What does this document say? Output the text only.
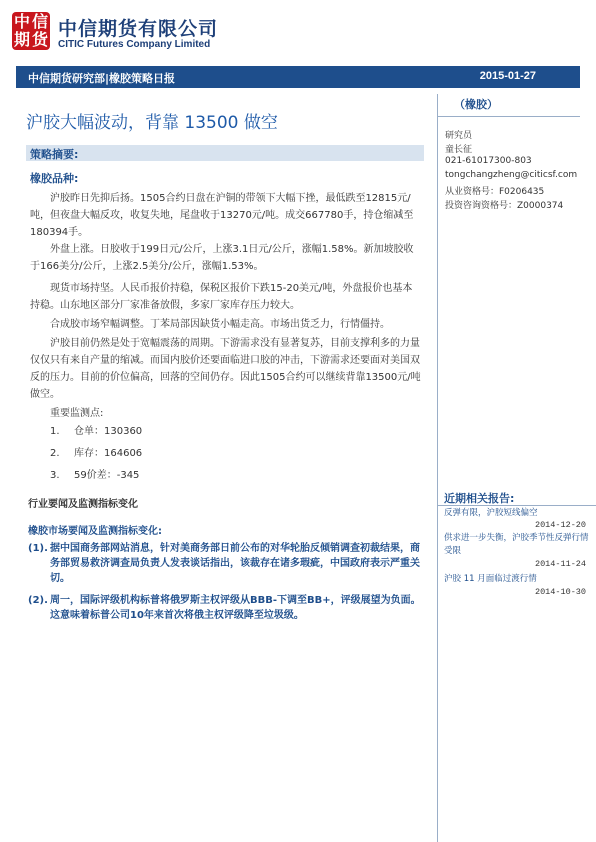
中 信
期 货 中信期货有限公司
CITIC Futures Company Limited
中信期货研究部|橡胶策略日报	2015-01-27
沪胶大幅波动，背靠 13500 做空
策略摘要:
橡胶品种:

沪胶昨日先抑后扬。1505合约日盘在沪铜的带领下大幅下挫，最低跌至12815元/吨，但夜盘大幅反攻，收复失地，尾盘收于13270元/吨。成交667780手，持仓缩减至180394手。

外盘上涨。日胶收于199日元/公斤，上涨3.1日元/公斤，涨幅1.58%。新加坡胶收于166美分/公斤，上涨2.5美分/公斤，涨幅1.53%。

现货市场持坚。人民币报价持稳，保税区报价下跌15-20美元/吨，外盘报价也基本持稳。山东地区部分厂家准备放假，多家厂家库存压力较大。

合成胶市场窄幅调整。丁苯局部因缺货小幅走高。市场出货乏力，行情僵持。

沪胶目前仍然是处于宽幅震荡的周期。下游需求没有显著复苏，目前支撑利多的力量仅仅只有来自产量的缩减。而国内胶价还要面临进口胶的冲击，下游需求还要面对美国双反的压力。目前的价位偏高，回落的空间仍存。因此1505合约可以继续背靠13500元/吨做空。

重要监测点:
1. 仓单：130360
2. 库存：164606
3. 59价差：-345
行业要闻及监测指标变化
橡胶市场要闻及监测指标变化:
(1). 据中国商务部网站消息，针对美商务部日前公布的对华轮胎反倾销调查初裁结果，商务部贸易救济调查局负责人发表谈话指出，该裁存在诸多瑕疵，中国政府表示严重关切。
(2). 周一，国际评级机构标普将俄罗斯主权评级从BBB-下调至BB+，评级展望为负面。这意味着标普公司10年来首次将俄主权评级降至垃圾级。
（橡胶）
研究员
童长征
021-61017300-803
tongchangzheng@citicsf.com
从业资格号：F0206435
投资咨询资格号：Z0000374
近期相关报告:
反弹有限，沪胶短线偏空
2014-12-20
供求进一步失衡，沪胶季节性反弹行情受限
2014-11-24
沪胶 11 月面临过渡行情
2014-10-30
